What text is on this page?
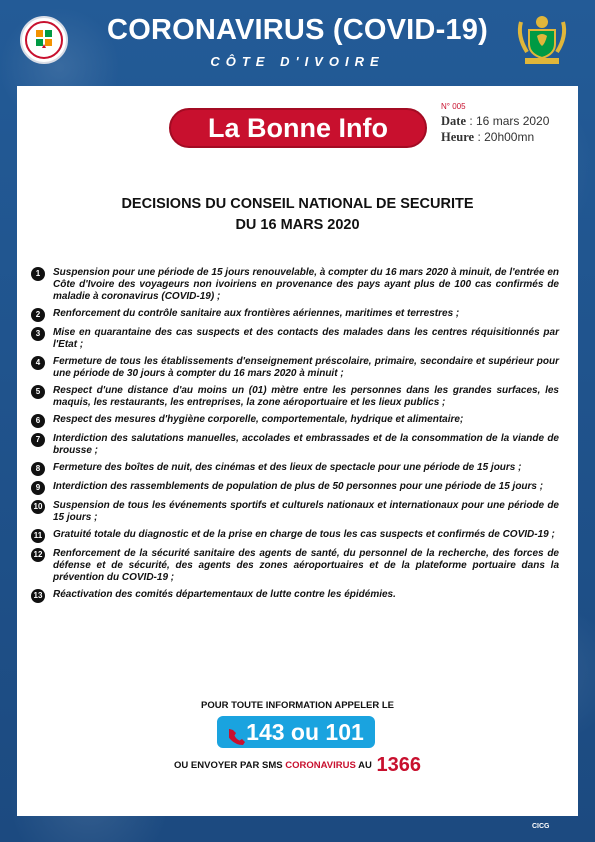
CORONAVIRUS (COVID-19)
CÔTE D'IVOIRE
La Bonne Info
N° 005
Date : 16 mars 2020
Heure : 20h00mn
DECISIONS DU CONSEIL NATIONAL DE SECURITE
DU 16 MARS 2020
1	Suspension pour une période de 15 jours renouvelable, à compter du 16 mars 2020 à minuit, de l'entrée en Côte d'Ivoire des voyageurs non ivoiriens en provenance des pays ayant plus de 100 cas confirmés de maladie à coronavirus (COVID-19) ;
2	Renforcement du contrôle sanitaire aux frontières aériennes, maritimes et terrestres ;
3	Mise en quarantaine des cas suspects et des contacts des malades dans les centres réquisitionnés par l'Etat ;
4	Fermeture de tous les établissements d'enseignement préscolaire, primaire, secondaire et supérieur pour une période de 30 jours à compter du 16 mars 2020 à minuit ;
5	Respect d'une distance d'au moins un (01) mètre entre les personnes dans les grandes surfaces, les maquis, les restaurants, les entreprises, la zone aéroportuaire et les lieux publics ;
6	Respect des mesures d'hygiène corporelle, comportementale, hydrique et alimentaire;
7	Interdiction des salutations manuelles, accolades et embrassades et de la consommation de la viande de brousse ;
8	Fermeture des boîtes de nuit, des cinémas et des lieux de spectacle pour une période de 15 jours ;
9	Interdiction des rassemblements de population de plus de 50 personnes pour une période de 15 jours ;
10 Suspension de tous les événements sportifs et culturels nationaux et internationaux pour une période de 15 jours ;
11 Gratuité totale du diagnostic et de la prise en charge de tous les cas suspects et confirmés de COVID-19 ;
12 Renforcement de la sécurité sanitaire des agents de santé, du personnel de la recherche, des forces de défense et de sécurité, des agents des zones aéroportuaires et de la plateforme portuaire dans la prévention du COVID-19 ;
13 Réactivation des comités départementaux de lutte contre les épidémies.
POUR TOUTE INFORMATION APPELER LE
143 ou 101
OU ENVOYER PAR SMS CORONAVIRUS AU 1366
CICG
